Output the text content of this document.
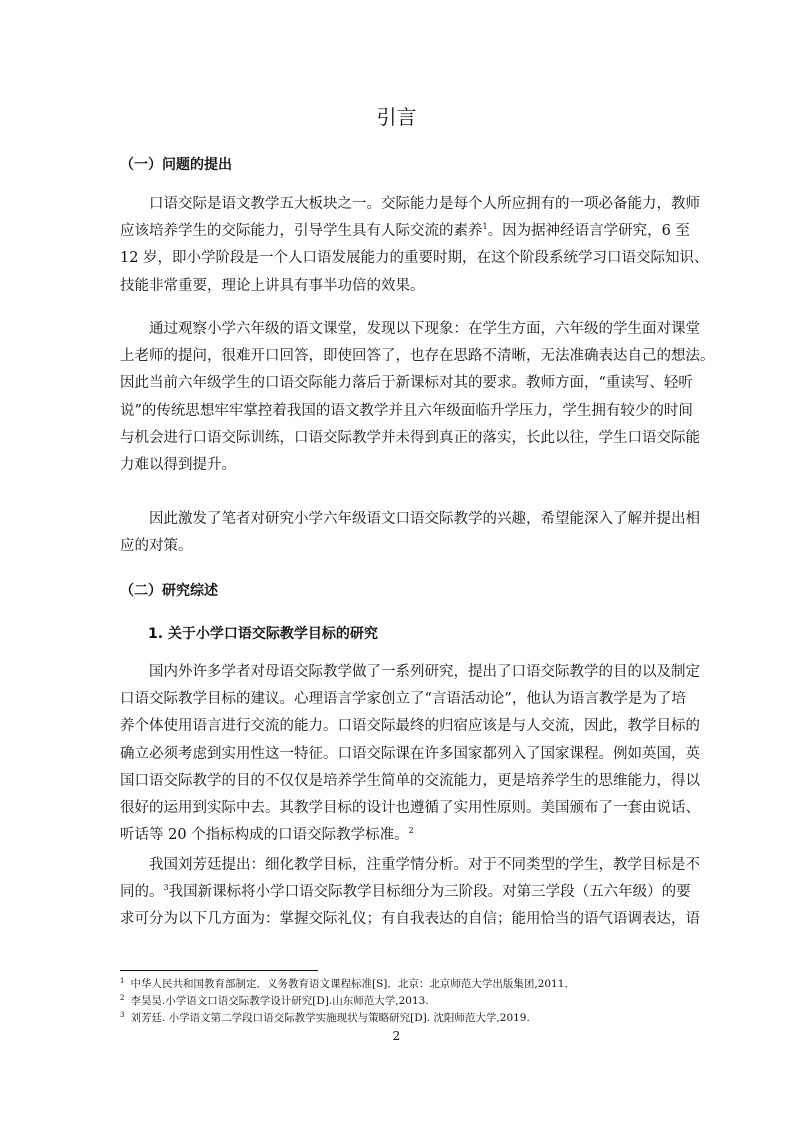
引言
（一）问题的提出
口语交际是语文教学五大板块之一。交际能力是每个人所应拥有的一项必备能力，教师
应该培养学生的交际能力，引导学生具有人际交流的素养$^1$。因为据神经语言学研究，6 至
12 岁，即小学阶段是一个人口语发展能力的重要时期，在这个阶段系统学习口语交际知识、
技能非常重要，理论上讲具有事半功倍的效果。
通过观察小学六年级的语文课堂，发现以下现象：在学生方面，六年级的学生面对课堂
上老师的提问，很难开口回答，即使回答了，也存在思路不清晰，无法准确表达自己的想法。
因此当前六年级学生的口语交际能力落后于新课标对其的要求。教师方面，“重读写、轻听
说”的传统思想牢牢掌控着我国的语文教学并且六年级面临升学压力，学生拥有较少的时间
与机会进行口语交际训练，口语交际教学并未得到真正的落实，长此以往，学生口语交际能
力难以得到提升。
因此激发了笔者对研究小学六年级语文口语交际教学的兴趣，希望能深入了解并提出相
应的对策。
（二）研究综述
1. 关于小学口语交际教学目标的研究
国内外许多学者对母语交际教学做了一系列研究，提出了口语交际教学的目的以及制定
口语交际教学目标的建议。心理语言学家创立了“言语活动论”，他认为语言教学是为了培
养个体使用语言进行交流的能力。口语交际最终的归宿应该是与人交流，因此，教学目标的
确立必须考虑到实用性这一特征。口语交际课在许多国家都列入了国家课程。例如英国，英
国口语交际教学的目的不仅仅是培养学生简单的交流能力，更是培养学生的思维能力，得以
很好的运用到实际中去。其教学目标的设计也遵循了实用性原则。美国颁布了一套由说话、
听话等 20 个指标构成的口语交际教学标准。$^2$
我国刘芳廷提出：细化教学目标，注重学情分析。对于不同类型的学生，教学目标是不
同的。$^3$我国新课标将小学口语交际教学目标细分为三阶段。对第三学段（五六年级）的要
求可分为以下几方面为：掌握交际礼仪；有自我表达的自信；能用恰当的语气语调表达，语
$^1$ 中华人民共和国教育部制定．义务教育语文课程标准[S]．北京：北京师范大学出版集团,2011．
$^2$ 李昊昊.小学语文口语交际教学设计研究[D].山东师范大学,2013.
$^3$ 刘芳廷. 小学语文第二学段口语交际教学实施现状与策略研究[D]. 沈阳师范大学,2019.
2
